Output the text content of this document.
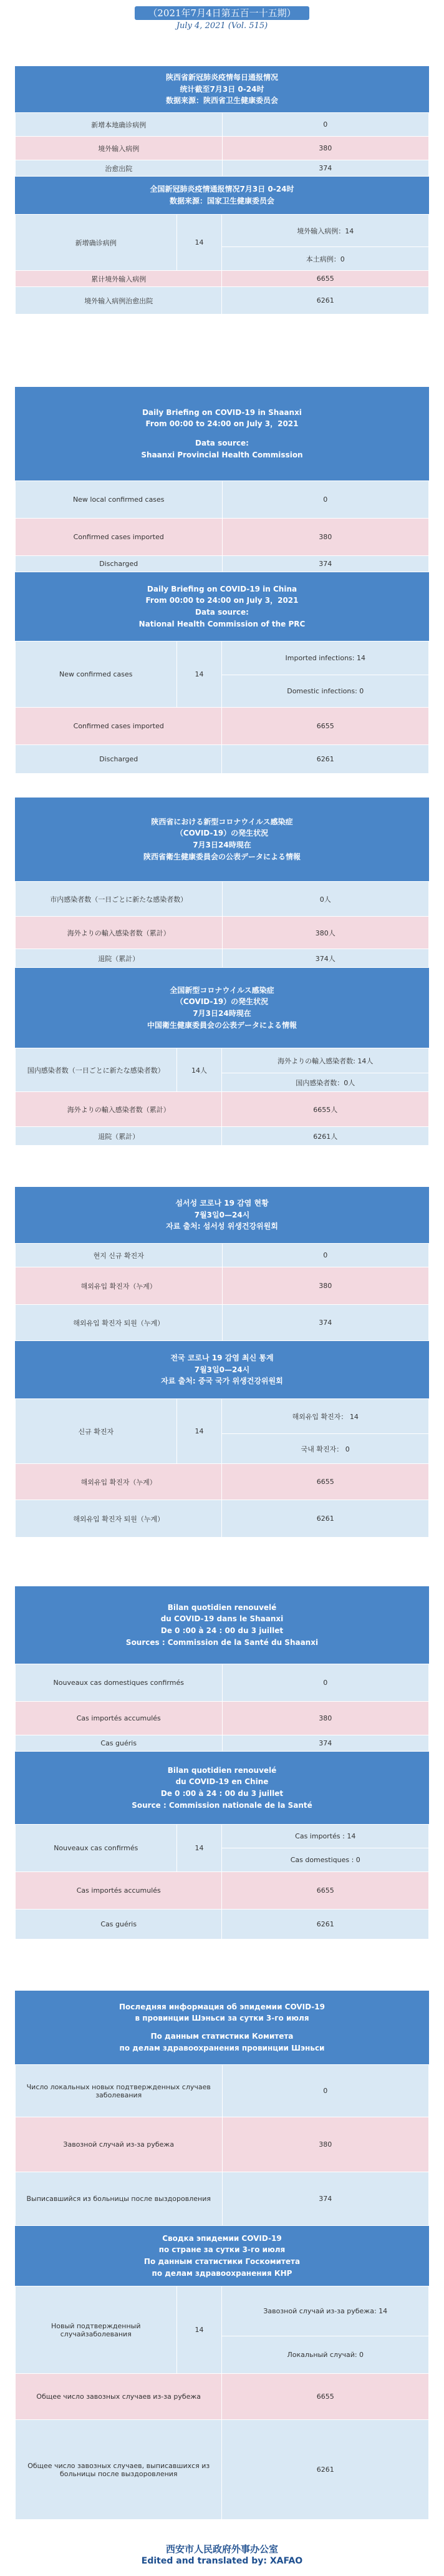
（2021年7月4日第五百一十五期）
July 4, 2021 (Vol. 515)
陕西省新冠肺炎疫情每日通报情况
统计截至7月3日 0-24时
数据来源：陕西省卫生健康委员会
新增本地确诊病例	0
境外输入病例	380
治愈出院	374
全国新冠肺炎疫情通报情况7月3日 0-24时
数据来源：国家卫生健康委员会
新增确诊病例	14	境外输入病例：14
		本土病例：0
累计境外输入病例		6655
境外输入病例治愈出院		6261
Daily Briefing on COVID-19 in Shaanxi
From 00:00 to 24:00 on July 3，2021
Data source:
Shaanxi Provincial Health Commission
New local confirmed cases	0
Confirmed cases imported	380
Discharged	374
Daily Briefing on COVID-19 in China
From 00:00 to 24:00 on July 3，2021
Data source:
National Health Commission of the PRC
New confirmed cases	14	Imported infections: 14
		Domestic infections: 0
Confirmed cases imported		6655
Discharged		6261
陝西省における新型コロナウイルス感染症
（COVID-19）の発生状況
7月3日24時現在
陝西省衛生健康委員会の公表データによる情報
市内感染者数（一日ごとに新たな感染者数）	0人
海外よりの輸入感染者数（累計）	380人
退院（累計）	374人
全国新型コロナウイルス感染症
（COVID-19）の発生状況
7月3日24時現在
中国衛生健康委員会の公表データによる情報
国内感染者数（一日ごとに新たな感染者数）	14人	海外よりの輸入感染者数: 14人
		国内感染者数：0人
海外よりの輸入感染者数（累計）		6655人
退院（累計）		6261人
섬서성 코로나 19 감염 현황
7월3일0—24시
자료 출처: 섬서성 위생건강위원회
현지 신규 확진자	0
해외유입 확진자（누계）	380
해외유입 확진자 퇴원（누계）	374
전국 코로나 19 감염 최신 통계
7월3일0—24시
자료 출처: 중국 국가 위생건강위원회
신규 확진자	14	해외유입 확진자： 14
		국내 확진자： 0
해외유입 확진자（누계）		6655
해외유입 확진자 퇴원（누계）		6261
Bilan quotidien renouvelé
du COVID-19 dans le Shaanxi
De 0 :00 à 24 : 00 du 3 juillet
Sources : Commission de la Santé du Shaanxi
Nouveaux cas domestiques confirmés	0
Cas importés accumulés	380
Cas guéris	374
Bilan quotidien renouvelé
du COVID-19 en Chine
De 0 :00 à 24 : 00 du 3 juillet
Source : Commission nationale de la Santé
Nouveaux cas confirmés	14	Cas importés : 14
		Cas domestiques : 0
Cas importés accumulés		6655
Cas guéris		6261
Последняя информация об эпидемии COVID-19
в провинции Шэньси за сутки 3-го июля
По данным статистики Комитета
по делам здравоохранения провинции Шэньси
Число локальных новых подтвержденных случаев заболевания	0
Завозной случай из-за рубежа	380
Выписавшийся из больницы после выздоровления	374
Сводка эпидемии COVID-19
по стране за сутки 3-го июля
По данным статистики Госкомитета
по делам здравоохранения КНР
Новый подтвержденный случайзаболевания	14	Завозной случай из-за рубежа: 14
		Локальный случай: 0
Общее число завозных случаев из-за рубежа		6655
Общее число завозных случаев, выписавшихся из больницы после выздоровления		6261
西安市人民政府外事办公室
Edited and translated by: XAFAO
